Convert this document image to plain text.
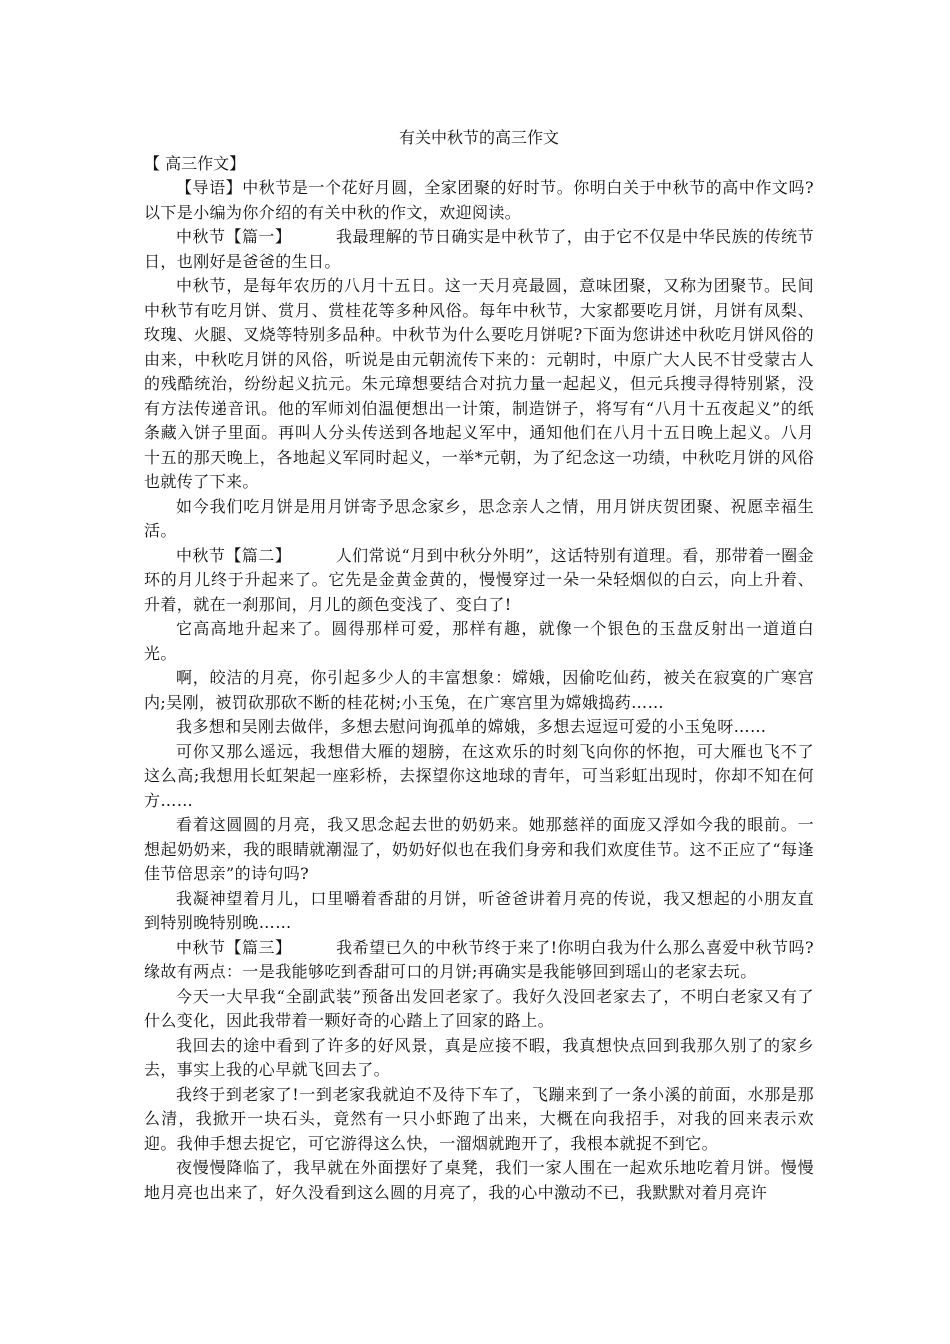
有关中秋节的高三作文
【 高三作文】

【导语】中秋节是一个花好月圆，全家团聚的好时节。你明白关于中秋节的高中作文吗?以下是小编为你介绍的有关中秋的作文，欢迎阅读。

中秋节【篇一】        我最理解的节日确实是中秋节了，由于它不仅是中华民族的传统节日，也刚好是爸爸的生日。

中秋节，是每年农历的八月十五日。这一天月亮最圆，意味团聚，又称为团聚节。民间中秋节有吃月饼、赏月、赏桂花等多种风俗。每年中秋节，大家都要吃月饼，月饼有凤梨、玫瑰、火腿、叉烧等特别多品种。中秋节为什么要吃月饼呢?下面为您讲述中秋吃月饼风俗的由来，中秋吃月饼的风俗，听说是由元朝流传下来的：元朝时，中原广大人民不甘受蒙古人的残酷统治，纷纷起义抗元。朱元璋想要结合对抗力量一起起义，但元兵搜寻得特别紧，没有方法传递音讯。他的军师刘伯温便想出一计策，制造饼子，将写有“八月十五夜起义”的纸条藏入饼子里面。再叫人分头传送到各地起义军中，通知他们在八月十五日晚上起义。八月十五的那天晚上，各地起义军同时起义，一举*元朝，为了纪念这一功绩，中秋吃月饼的风俗也就传了下来。

如今我们吃月饼是用月饼寄予思念家乡，思念亲人之情，用月饼庆贺团聚、祝愿幸福生活。

中秋节【篇二】        人们常说“月到中秋分外明”，这话特别有道理。看，那带着一圈金环的月儿终于升起来了。它先是金黄金黄的，慢慢穿过一朵一朵轻烟似的白云，向上升着、升着，就在一刹那间，月儿的颜色变浅了、变白了!

它高高地升起来了。圆得那样可爱，那样有趣，就像一个银色的玉盘反射出一道道白光。

啊，皎洁的月亮，你引起多少人的丰富想象：嫦娥，因偷吃仙药，被关在寂寞的广寒宫内;吴刚，被罚砍那砍不断的桂花树;小玉兔，在广寒宫里为嫦娥捣药……

我多想和吴刚去做伴，多想去慰问询孤单的嫦娥，多想去逗逗可爱的小玉兔呀……

可你又那么遥远，我想借大雁的翅膀，在这欢乐的时刻飞向你的怀抱，可大雁也飞不了这么高;我想用长虹架起一座彩桥，去探望你这地球的青年，可当彩虹出现时，你却不知在何方……

看着这圆圆的月亮，我又思念起去世的奶奶来。她那慈祥的面庞又浮如今我的眼前。一想起奶奶来，我的眼睛就潮湿了，奶奶好似也在我们身旁和我们欢度佳节。这不正应了“每逢佳节倍思亲”的诗句吗?

我凝神望着月儿，口里嚼着香甜的月饼，听爸爸讲着月亮的传说，我又想起的小朋友直到特别晚特别晚……

中秋节【篇三】        我希望已久的中秋节终于来了!你明白我为什么那么喜爱中秋节吗?缘故有两点：一是我能够吃到香甜可口的月饼;再确实是我能够回到瑶山的老家去玩。

今天一大早我“全副武装”预备出发回老家了。我好久没回老家去了，不明白老家又有了什么变化，因此我带着一颗好奇的心踏上了回家的路上。

我回去的途中看到了许多的好风景，真是应接不暇，我真想快点回到我那久别了的家乡去，事实上我的心早就飞回去了。

我终于到老家了!一到老家我就迫不及待下车了，飞蹦来到了一条小溪的前面，水那是那么清，我掀开一块石头，竟然有一只小虾跑了出来，大概在向我招手，对我的回来表示欢迎。我伸手想去捉它，可它游得这么快，一溜烟就跑开了，我根本就捉不到它。

夜慢慢降临了，我早就在外面摆好了桌凳，我们一家人围在一起欢乐地吃着月饼。慢慢地月亮也出来了，好久没看到这么圆的月亮了，我的心中激动不已，我默默对着月亮许
